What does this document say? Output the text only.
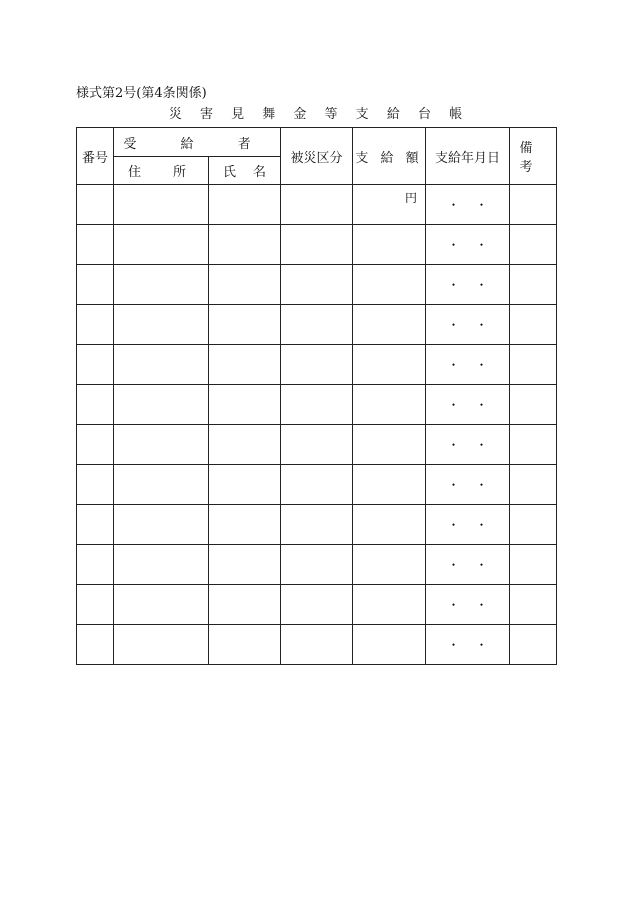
様式第2号(第4条関係)
災 害 見 舞 金 等 支 給 台 帳
番号	受 給 者		被災区分	支 給 額	支給年月日	備 考

	住 所	氏 名				

				円	・ ・	

					・ ・	

					・ ・	

					・ ・	

					・ ・	

					・ ・	

					・ ・	

					・ ・	

					・ ・	

					・ ・	

					・ ・	

					・ ・	
